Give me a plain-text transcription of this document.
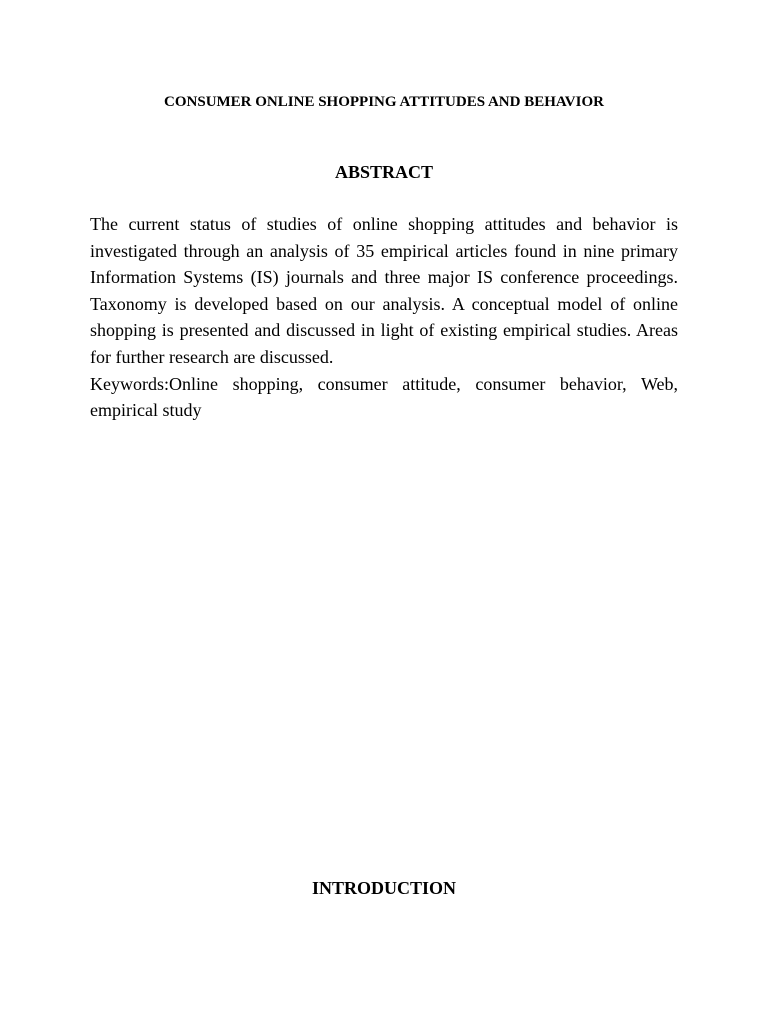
CONSUMER ONLINE SHOPPING ATTITUDES AND BEHAVIOR
ABSTRACT

The current status of studies of online shopping attitudes and behavior is investigated through an analysis of 35 empirical articles found in nine primary Information Systems (IS) journals and three major IS conference proceedings. Taxonomy is developed based on our analysis. A conceptual model of online shopping is presented and discussed in light of existing empirical studies. Areas for further research are discussed.

Keywords:Online shopping, consumer attitude, consumer behavior, Web, empirical study

INTRODUCTION
